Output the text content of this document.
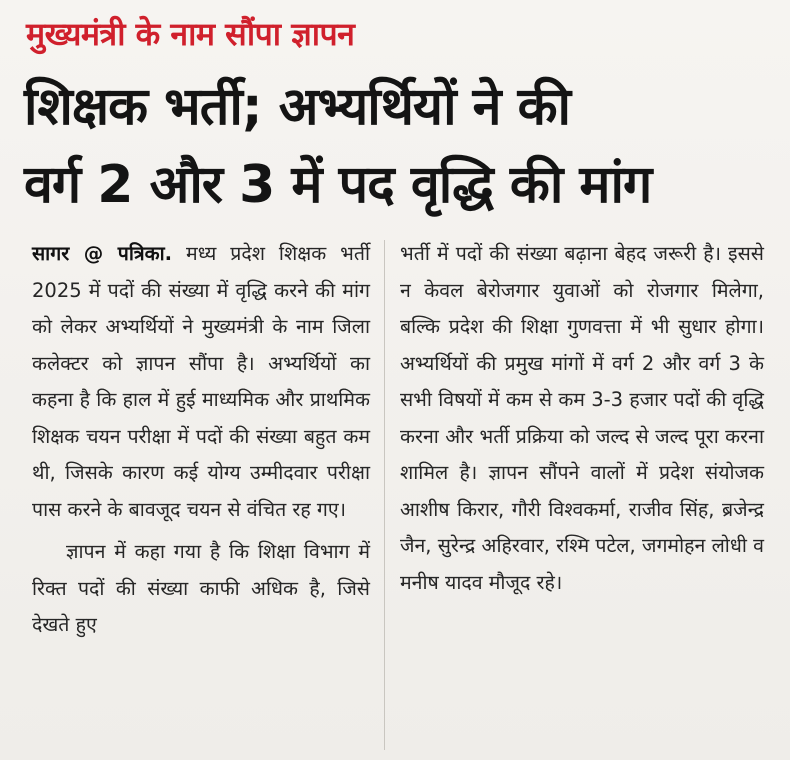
मुख्यमंत्री के नाम सौंपा ज्ञापन
शिक्षक भर्ती; अभ्यर्थियों ने की
वर्ग 2 और 3 में पद वृद्धि की मांग

सागर @ पत्रिका. मध्य प्रदेश शिक्षक भर्ती 2025 में पदों की संख्या में वृद्धि करने की मांग को लेकर अभ्यर्थियों ने मुख्यमंत्री के नाम जिला कलेक्टर को ज्ञापन सौंपा है। अभ्यर्थियों का कहना है कि हाल में हुई माध्यमिक और प्राथमिक शिक्षक चयन परीक्षा में पदों की संख्या बहुत कम थी, जिसके कारण कई योग्य उम्मीदवार परीक्षा पास करने के बावजूद चयन से वंचित रह गए।

ज्ञापन में कहा गया है कि शिक्षा विभाग में रिक्त पदों की संख्या काफी अधिक है, जिसे देखते हुए

भर्ती में पदों की संख्या बढ़ाना बेहद जरूरी है। इससे न केवल बेरोजगार युवाओं को रोजगार मिलेगा, बल्कि प्रदेश की शिक्षा गुणवत्ता में भी सुधार होगा। अभ्यर्थियों की प्रमुख मांगों में वर्ग 2 और वर्ग 3 के सभी विषयों में कम से कम 3-3 हजार पदों की वृद्धि करना और भर्ती प्रक्रिया को जल्द से जल्द पूरा करना शामिल है। ज्ञापन सौंपने वालों में प्रदेश संयोजक आशीष किरार, गौरी विश्वकर्मा, राजीव सिंह, ब्रजेन्द्र जैन, सुरेन्द्र अहिरवार, रश्मि पटेल, जगमोहन लोधी व मनीष यादव मौजूद रहे।
